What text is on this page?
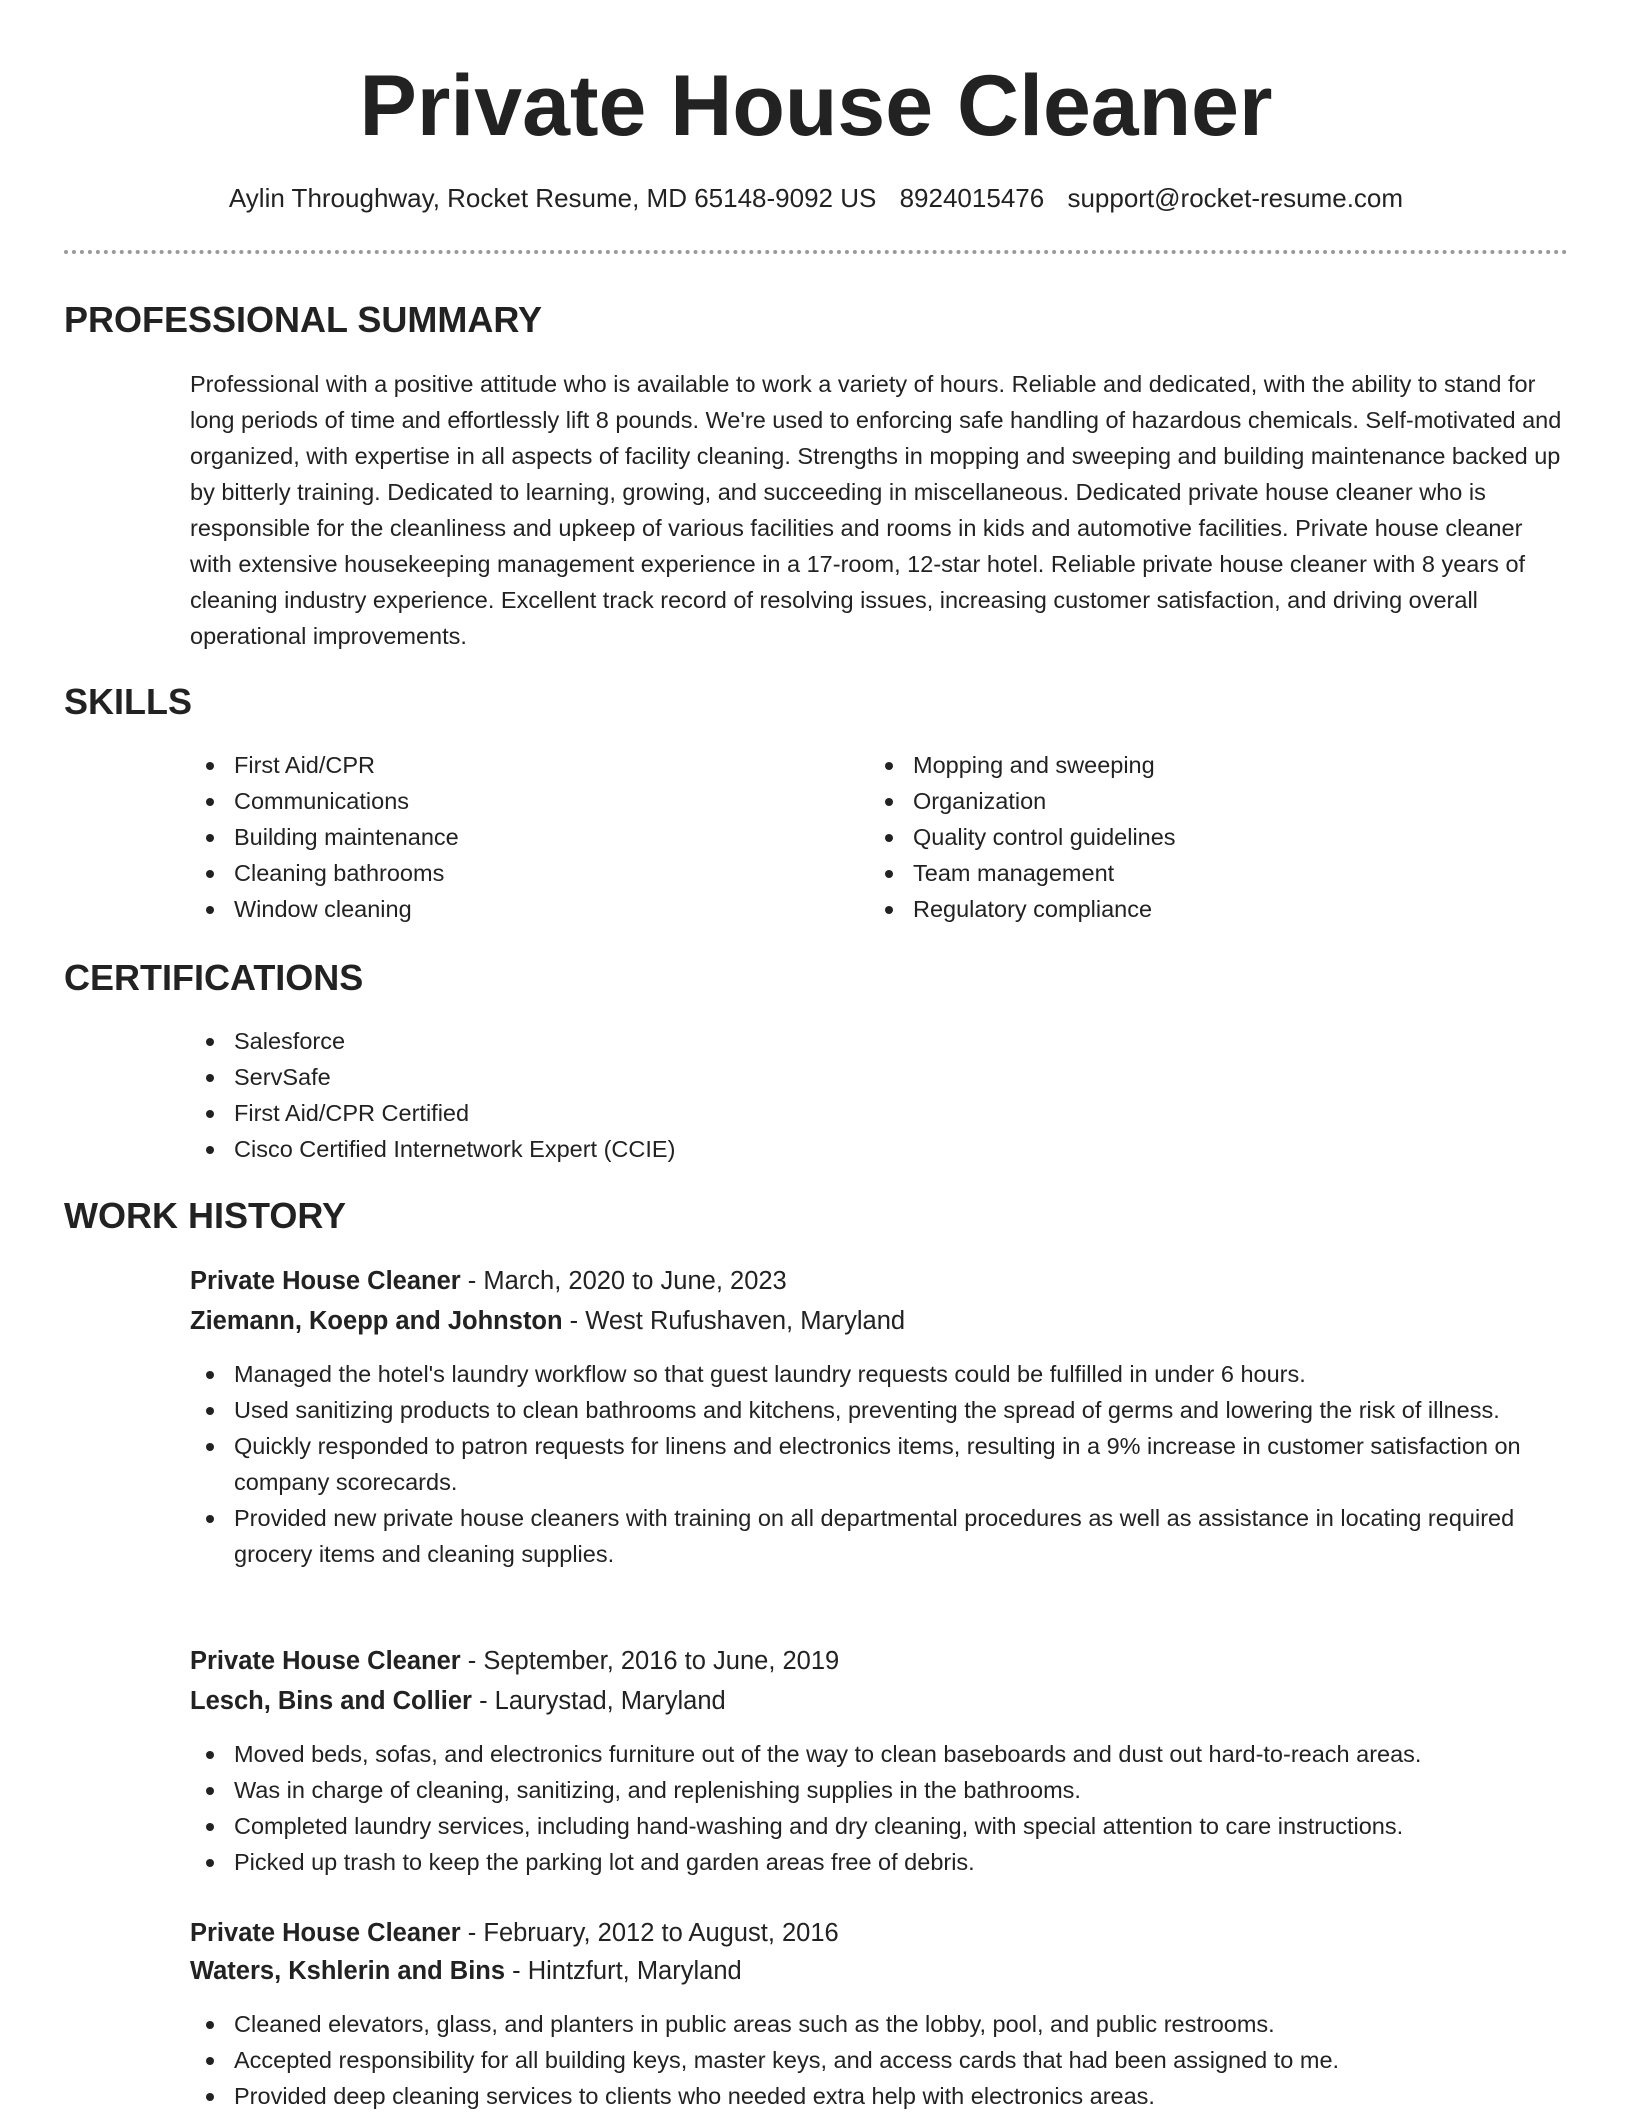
Private House Cleaner
Aylin Throughway, Rocket Resume, MD 65148-9092 US 8924015476 support@rocket-resume.com
PROFESSIONAL SUMMARY

Professional with a positive attitude who is available to work a variety of hours. Reliable and dedicated, with the ability to stand for long periods of time and effortlessly lift 8 pounds. We're used to enforcing safe handling of hazardous chemicals. Self-motivated and organized, with expertise in all aspects of facility cleaning. Strengths in mopping and sweeping and building maintenance backed up by bitterly training. Dedicated to learning, growing, and succeeding in miscellaneous. Dedicated private house cleaner who is responsible for the cleanliness and upkeep of various facilities and rooms in kids and automotive facilities. Private house cleaner with extensive housekeeping management experience in a 17-room, 12-star hotel. Reliable private house cleaner with 8 years of cleaning industry experience. Excellent track record of resolving issues, increasing customer satisfaction, and driving overall operational improvements.

SKILLS
First Aid/CPR
Communications
Building maintenance
Cleaning bathrooms
Window cleaning
Mopping and sweeping
Organization
Quality control guidelines
Team management
Regulatory compliance
CERTIFICATIONS
Salesforce
ServSafe
First Aid/CPR Certified
Cisco Certified Internetwork Expert (CCIE)
WORK HISTORY
Private House Cleaner - March, 2020 to June, 2023
Ziemann, Koepp and Johnston - West Rufushaven, Maryland
Managed the hotel's laundry workflow so that guest laundry requests could be fulfilled in under 6 hours.
Used sanitizing products to clean bathrooms and kitchens, preventing the spread of germs and lowering the risk of illness.
Quickly responded to patron requests for linens and electronics items, resulting in a 9% increase in customer satisfaction on company scorecards.
Provided new private house cleaners with training on all departmental procedures as well as assistance in locating required grocery items and cleaning supplies.
Private House Cleaner - September, 2016 to June, 2019
Lesch, Bins and Collier - Laurystad, Maryland
Moved beds, sofas, and electronics furniture out of the way to clean baseboards and dust out hard-to-reach areas.
Was in charge of cleaning, sanitizing, and replenishing supplies in the bathrooms.
Completed laundry services, including hand-washing and dry cleaning, with special attention to care instructions.
Picked up trash to keep the parking lot and garden areas free of debris.
Private House Cleaner - February, 2012 to August, 2016
Waters, Kshlerin and Bins - Hintzfurt, Maryland
Cleaned elevators, glass, and planters in public areas such as the lobby, pool, and public restrooms.
Accepted responsibility for all building keys, master keys, and access cards that had been assigned to me.
Provided deep cleaning services to clients who needed extra help with electronics areas.
